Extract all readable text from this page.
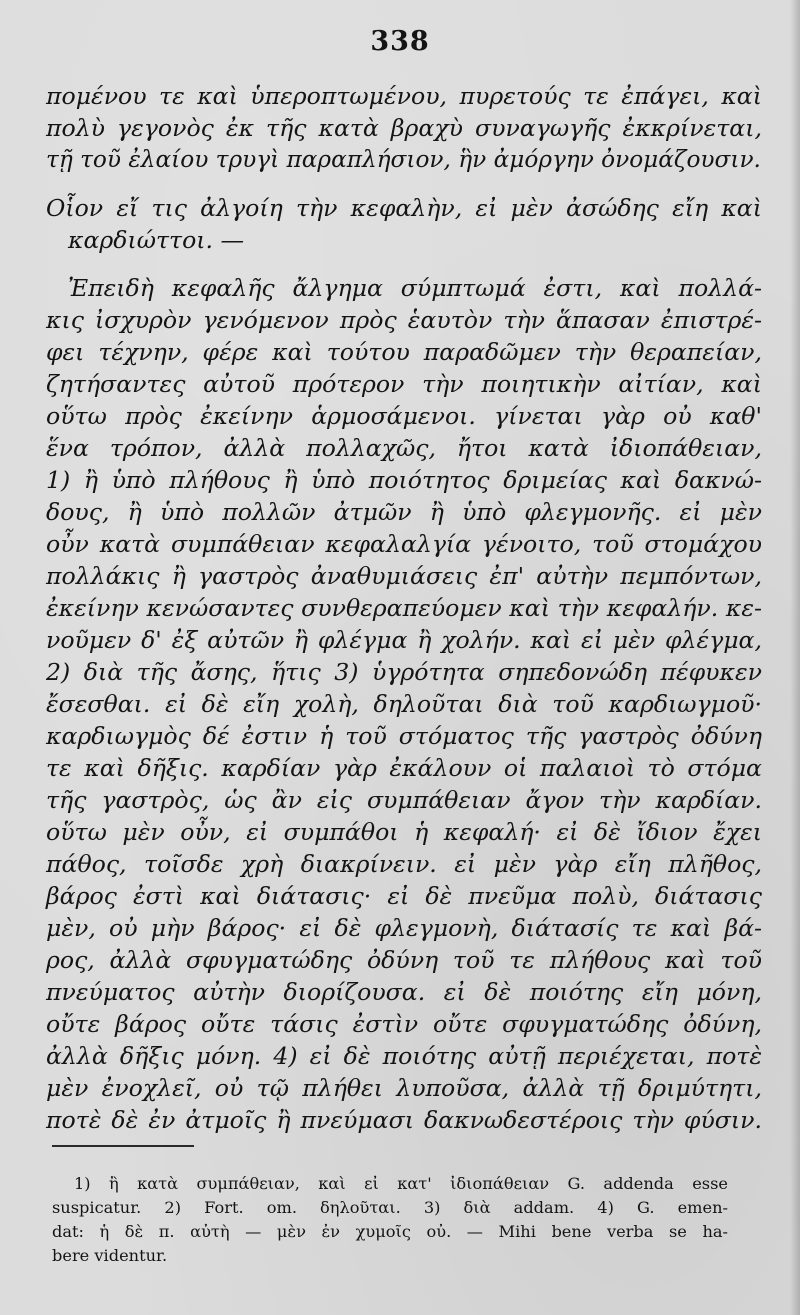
338
πομένου τε καὶ ὑπεροπτωμένου, πυρετούς τε ἐπάγει, καὶ
πολὺ γεγονὸς ἐκ τῆς κατὰ βραχὺ συναγωγῆς ἐκκρίνεται,
τῇ τοῦ ἐλαίου τρυγὶ παραπλήσιον, ἣν ἀμόργην ὀνομάζουσιν.
Οἷον εἴ τις ἀλγοίη τὴν κεφαλὴν, εἰ μὲν ἀσώδης εἴη καὶ
καρδιώττοι. —
Ἐπειδὴ κεφαλῆς ἄλγημα σύμπτωμά ἐστι, καὶ πολλά-
κις ἰσχυρὸν γενόμενον πρὸς ἑαυτὸν τὴν ἅπασαν ἐπιστρέ-
φει τέχνην, φέρε καὶ τούτου παραδῶμεν τὴν θεραπείαν,
ζητήσαντες αὐτοῦ πρότερον τὴν ποιητικὴν αἰτίαν, καὶ
οὕτω πρὸς ἐκείνην ἁρμοσάμενοι. γίνεται γὰρ οὐ καθ'
ἕνα τρόπον, ἀλλὰ πολλαχῶς, ἤτοι κατὰ ἰδιοπάθειαν,
1) ἢ ὑπὸ πλήθους ἢ ὑπὸ ποιότητος δριμείας καὶ δακνώ-
δους, ἢ ὑπὸ πολλῶν ἀτμῶν ἢ ὑπὸ φλεγμονῆς. εἰ μὲν
οὖν κατὰ συμπάθειαν κεφαλαλγία γένοιτο, τοῦ στομάχου
πολλάκις ἢ γαστρὸς ἀναθυμιάσεις ἐπ' αὐτὴν πεμπόντων,
ἐκείνην κενώσαντες συνθεραπεύομεν καὶ τὴν κεφαλήν. κε-
νοῦμεν δ' ἐξ αὐτῶν ἢ φλέγμα ἢ χολήν. καὶ εἰ μὲν φλέγμα,
2) διὰ τῆς ἄσης, ἥτις 3) ὑγρότητα σηπεδονώδη πέφυκεν
ἔσεσθαι. εἰ δὲ εἴη χολὴ, δηλοῦται διὰ τοῦ καρδιωγμοῦ·
καρδιωγμὸς δέ ἐστιν ἡ τοῦ στόματος τῆς γαστρὸς ὀδύνη
τε καὶ δῆξις. καρδίαν γὰρ ἐκάλουν οἱ παλαιοὶ τὸ στόμα
τῆς γαστρὸς, ὡς ἂν εἰς συμπάθειαν ἄγον τὴν καρδίαν.
οὕτω μὲν οὖν, εἰ συμπάθοι ἡ κεφαλή· εἰ δὲ ἴδιον ἔχει
πάθος, τοῖσδε χρὴ διακρίνειν. εἰ μὲν γὰρ εἴη πλῆθος,
βάρος ἐστὶ καὶ διάτασις· εἰ δὲ πνεῦμα πολὺ, διάτασις
μὲν, οὐ μὴν βάρος· εἰ δὲ φλεγμονὴ, διάτασίς τε καὶ βά-
ρος, ἀλλὰ σφυγματώδης ὀδύνη τοῦ τε πλήθους καὶ τοῦ
πνεύματος αὐτὴν διορίζουσα. εἰ δὲ ποιότης εἴη μόνη,
οὔτε βάρος οὔτε τάσις ἐστὶν οὔτε σφυγματώδης ὀδύνη,
ἀλλὰ δῆξις μόνη. 4) εἰ δὲ ποιότης αὐτῇ περιέχεται, ποτὲ
μὲν ἐνοχλεῖ, οὐ τῷ πλήθει λυποῦσα, ἀλλὰ τῇ δριμύτητι,
ποτὲ δὲ ἐν ἀτμοῖς ἢ πνεύμασι δακνωδεστέροις τὴν φύσιν.
1) ἢ κατὰ συμπάθειαν, καὶ εἰ κατ' ἰδιοπάθειαν G. addenda esse
suspicatur. 2) Fort. om. δηλοῦται. 3) διὰ addam. 4) G. emen-
dat: ἡ δὲ π. αὐτὴ — μὲν ἐν χυμοῖς οὐ. — Mihi bene verba se ha-
bere videntur.
